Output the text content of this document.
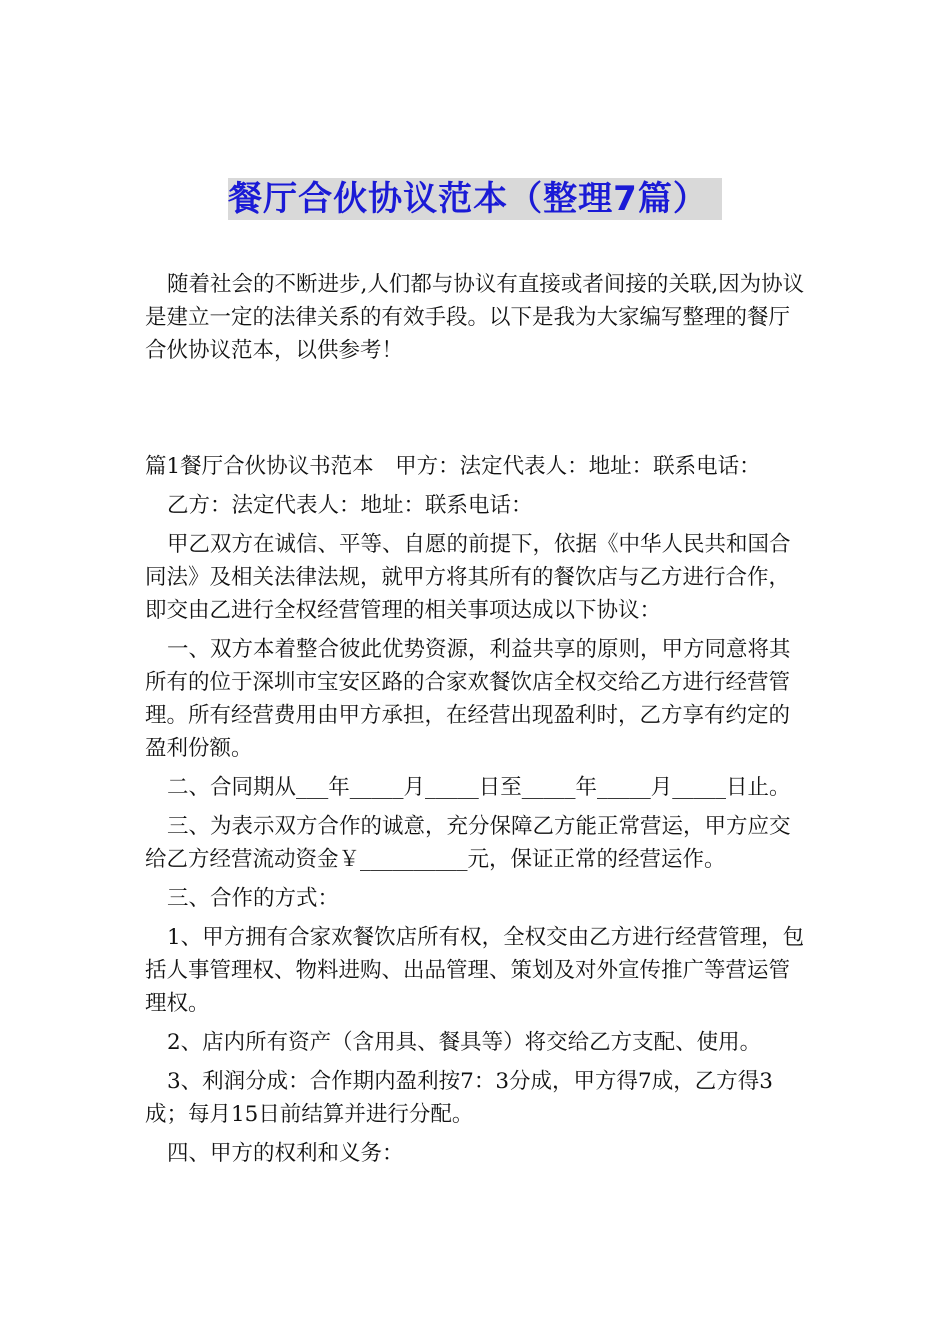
餐厅合伙协议范本（整理7篇）

随着社会的不断进步,人们都与协议有直接或者间接的关联,因为协议是建立一定的法律关系的有效手段。以下是我为大家编写整理的餐厅合伙协议范本，以供参考！

篇1餐厅合伙协议书范本　甲方：法定代表人：地址：联系电话：

乙方：法定代表人：地址：联系电话：

甲乙双方在诚信、平等、自愿的前提下，依据《中华人民共和国合同法》及相关法律法规，就甲方将其所有的餐饮店与乙方进行合作，即交由乙进行全权经营管理的相关事项达成以下协议：

一、双方本着整合彼此优势资源，利益共享的原则，甲方同意将其所有的位于深圳市宝安区路的合家欢餐饮店全权交给乙方进行经营管理。所有经营费用由甲方承担，在经营出现盈利时，乙方享有约定的盈利份额。

二、合同期从___年_____月_____日至_____年_____月_____日止。

三、为表示双方合作的诚意，充分保障乙方能正常营运，甲方应交给乙方经营流动资金￥__________元，保证正常的经营运作。

三、合作的方式：

1、甲方拥有合家欢餐饮店所有权，全权交由乙方进行经营管理，包括人事管理权、物料进购、出品管理、策划及对外宣传推广等营运管理权。

2、店内所有资产（含用具、餐具等）将交给乙方支配、使用。

3、利润分成：合作期内盈利按7：3分成，甲方得7成，乙方得3成；每月15日前结算并进行分配。

四、甲方的权利和义务：
